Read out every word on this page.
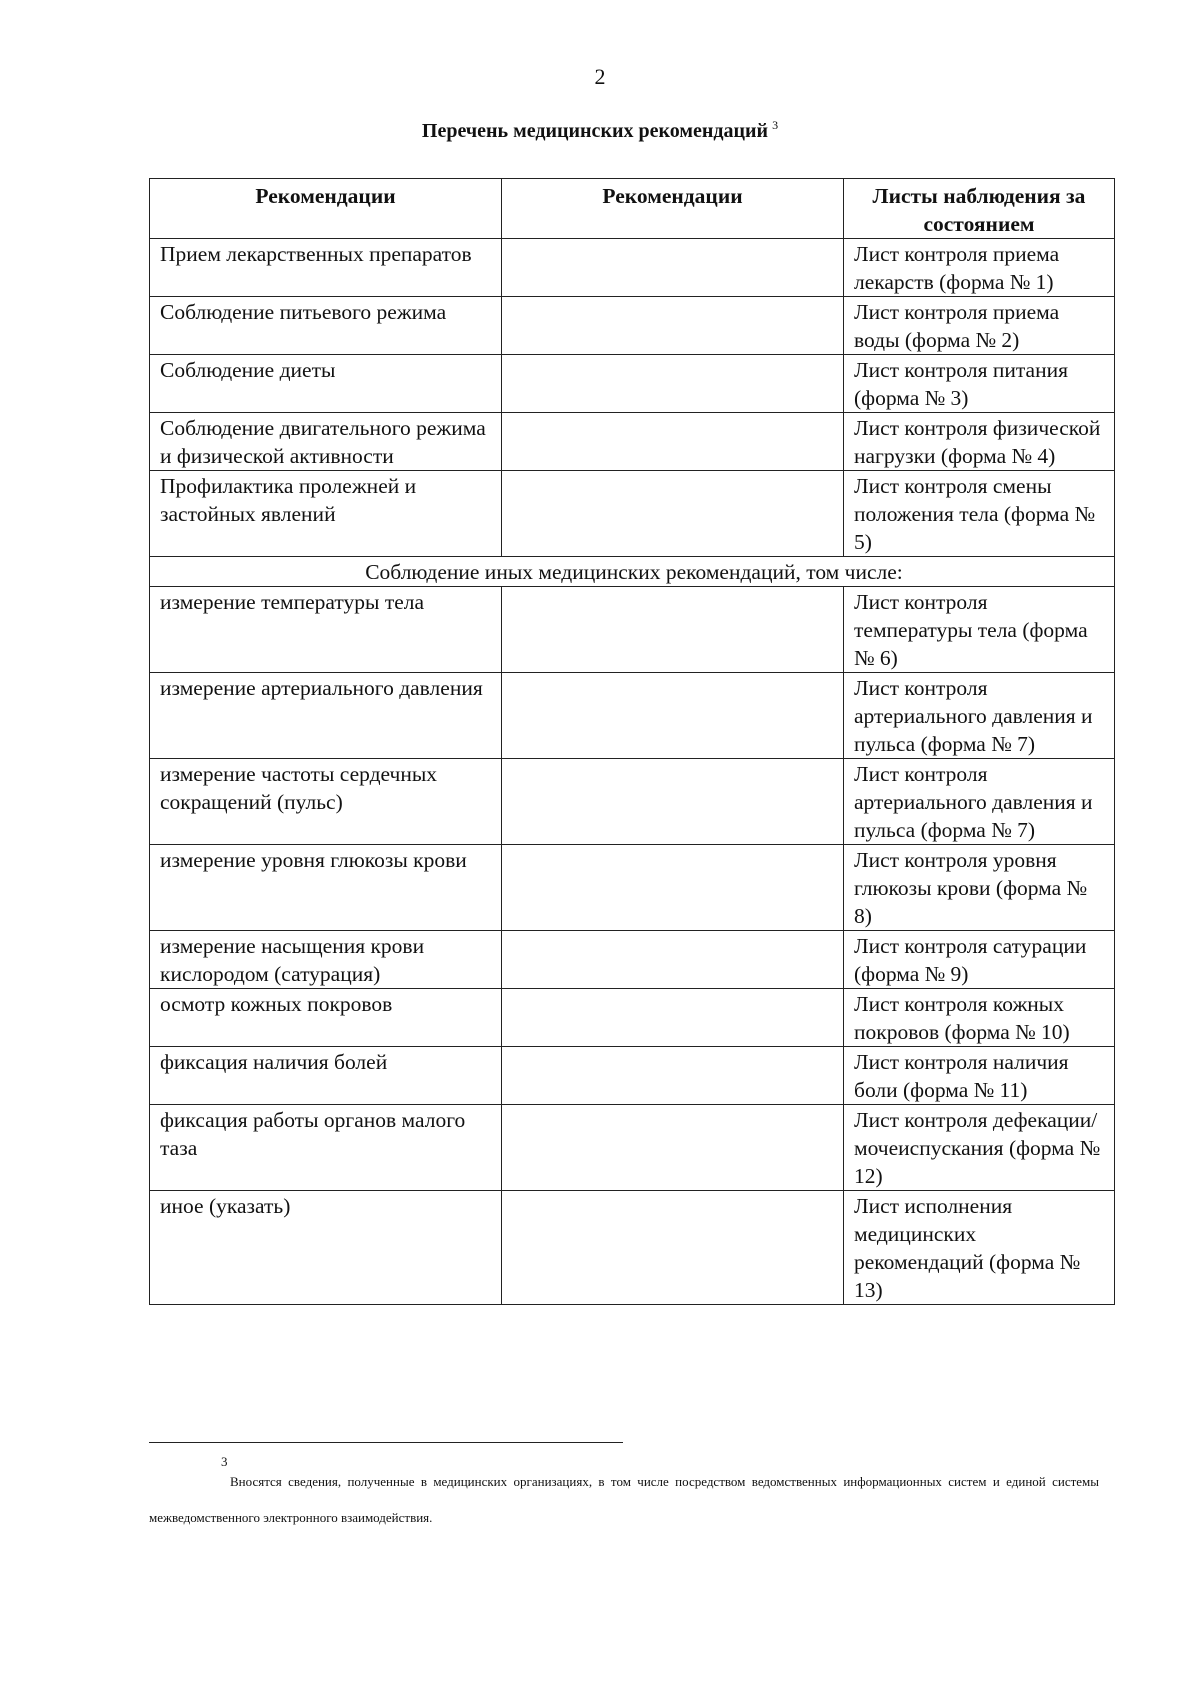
2
Перечень медицинских рекомендаций $^3$
Рекомендации	Рекомендации	Листы наблюдения за состоянием
Прием лекарственных препаратов		Лист контроля приема лекарств (форма № 1)
Соблюдение питьевого режима		Лист контроля приема воды (форма № 2)
Соблюдение диеты		Лист контроля питания (форма № 3)
Соблюдение двигательного режима и физической активности		Лист контроля физической нагрузки (форма № 4)
Профилактика пролежней и застойных явлений		Лист контроля смены положения тела (форма № 5)
Соблюдение иных медицинских рекомендаций, том числе:		
измерение температуры тела		Лист контроля температуры тела (форма № 6)
измерение артериального давления		Лист контроля артериального давления и пульса (форма № 7)
измерение частоты сердечных сокращений (пульс)		Лист контроля артериального давления и пульса (форма № 7)
измерение уровня глюкозы крови		Лист контроля уровня глюкозы крови (форма № 8)
измерение насыщения крови кислородом (сатурация)		Лист контроля сатурации (форма № 9)
осмотр кожных покровов		Лист контроля кожных покровов (форма № 10)
фиксация наличия болей		Лист контроля наличия боли (форма № 11)
фиксация работы органов малого таза		Лист контроля дефекации/мочеиспускания (форма № 12)
иное (указать)		Лист исполнения медицинских рекомендаций (форма № 13)
3
Вносятся сведения, полученные в медицинских организациях, в том числе посредством ведомственных информационных систем и единой системы межведомственного электронного взаимодействия.
